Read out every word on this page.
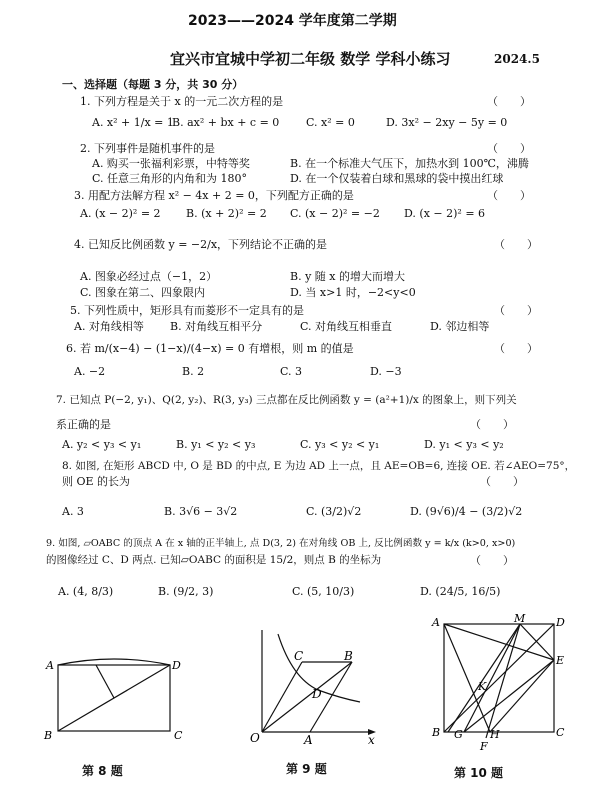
2023——2024 学年度第二学期
宜兴市宜城中学初二年级 数学 学科小练习	2024.5
一、选择题（每题 3 分，共 30 分）
1. 下列方程是关于 x 的一元二次方程的是	（　　）
A. x² + 1/x = 1
B. ax² + bx + c = 0 C. x² = 0	D. 3x² − 2xy − 5y = 0
2. 下列事件是随机事件的是	（　　）
A. 购买一张福利彩票，中特等奖	B. 在一个标准大气压下，加热水到 100℃，沸腾
C. 任意三角形的内角和为 180°	D. 在一个仅装着白球和黑球的袋中摸出红球
3. 用配方法解方程 x² − 4x + 2 = 0，下列配方正确的是	（　　）
A. (x − 2)² = 2 B. (x + 2)² = 2 C. (x − 2)² = −2 D. (x − 2)² = 6
4. 已知反比例函数 y = −2/x，下列结论不正确的是	（　　）
A. 图象必经过点（−1，2）	B. y 随 x 的增大而增大
C. 图象在第二、四象限内	D. 当 x>1 时，−2<y<0
5. 下列性质中，矩形具有而菱形不一定具有的是	（　　）
A. 对角线相等 B. 对角线互相平分	C. 对角线互相垂直	D. 邻边相等
6. 若 m/(x−4) − (1−x)/(4−x) = 0 有增根，则 m 的值是	（　　）
A. −2	B. 2	C. 3	D. −3
7. 已知点 P(−2, y₁)、Q(2, y₂)、R(3, y₃) 三点都在反比例函数 y = (a²+1)/x 的图象上，则下列关
系正确的是	（　　）
A. y₂ < y₃ < y₁	B. y₁ < y₂ < y₃	C. y₃ < y₂ < y₁	D. y₁ < y₃ < y₂
8. 如图, 在矩形 ABCD 中, O 是 BD 的中点, E 为边 AD 上一点，且 AE=OB=6, 连接 OE. 若∠AEO=75°，
则 OE 的长为	（　　）
A. 3	B. 3√6 − 3√2	C. (3/2)√2	D. (9√6)/4 − (3/2)√2
9. 如图, ▱OABC 的顶点 A 在 x 轴的正半轴上, 点 D(3, 2) 在对角线 OB 上, 反比例函数 y = k/x (k>0, x>0)
的图像经过 C、D 两点. 已知▱OABC 的面积是 15/2，则点 B 的坐标为	（　　）
A. (4, 8/3)	B. (9/2, 3)	C. (5, 10/3)	D. (24/5, 16/5)
A	D
B	C
第 8 题
C	B
D
O	A	x
第 9 题
A	M	D
E
K
B G H
F
C
第 10 题
